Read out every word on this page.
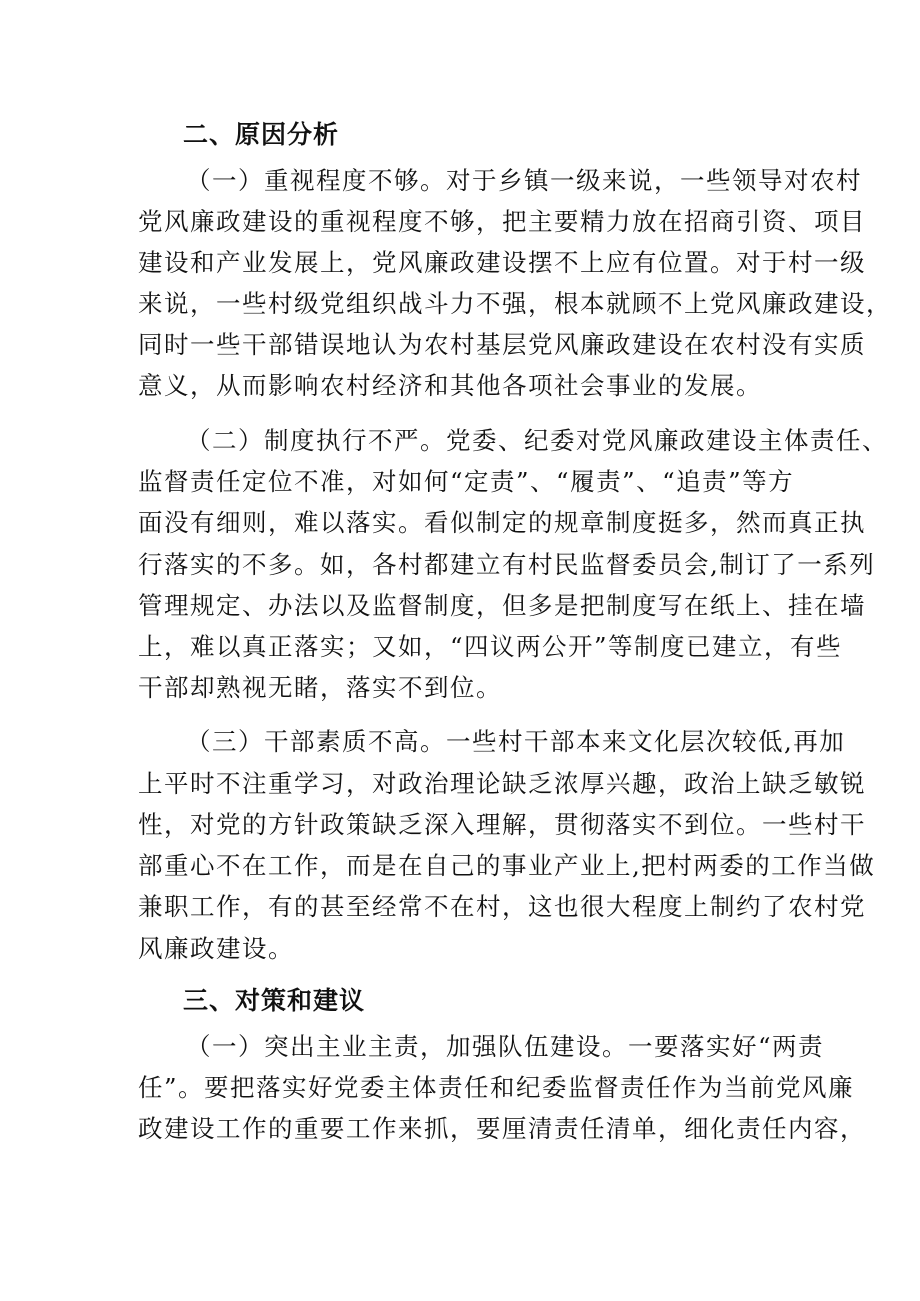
二、原因分析
（一）重视程度不够。对于乡镇一级来说，一些领导对农村
党风廉政建设的重视程度不够，把主要精力放在招商引资、项目
建设和产业发展上，党风廉政建设摆不上应有位置。对于村一级
来说，一些村级党组织战斗力不强，根本就顾不上党风廉政建设，
同时一些干部错误地认为农村基层党风廉政建设在农村没有实质
意义，从而影响农村经济和其他各项社会事业的发展。
（二）制度执行不严。党委、纪委对党风廉政建设主体责任、
监督责任定位不准，对如何“定责”、“履责”、“追责”等方
面没有细则，难以落实。看似制定的规章制度挺多，然而真正执
行落实的不多。如，各村都建立有村民监督委员会,制订了一系列
管理规定、办法以及监督制度，但多是把制度写在纸上、挂在墙
上，难以真正落实；又如，“四议两公开”等制度已建立，有些
干部却熟视无睹，落实不到位。
（三）干部素质不高。一些村干部本来文化层次较低,再加
上平时不注重学习，对政治理论缺乏浓厚兴趣，政治上缺乏敏锐
性，对党的方针政策缺乏深入理解，贯彻落实不到位。一些村干
部重心不在工作，而是在自己的事业产业上,把村两委的工作当做
兼职工作，有的甚至经常不在村，这也很大程度上制约了农村党
风廉政建设。
三、对策和建议
（一）突出主业主责，加强队伍建设。一要落实好“两责
任”。要把落实好党委主体责任和纪委监督责任作为当前党风廉
政建设工作的重要工作来抓，要厘清责任清单，细化责任内容，
